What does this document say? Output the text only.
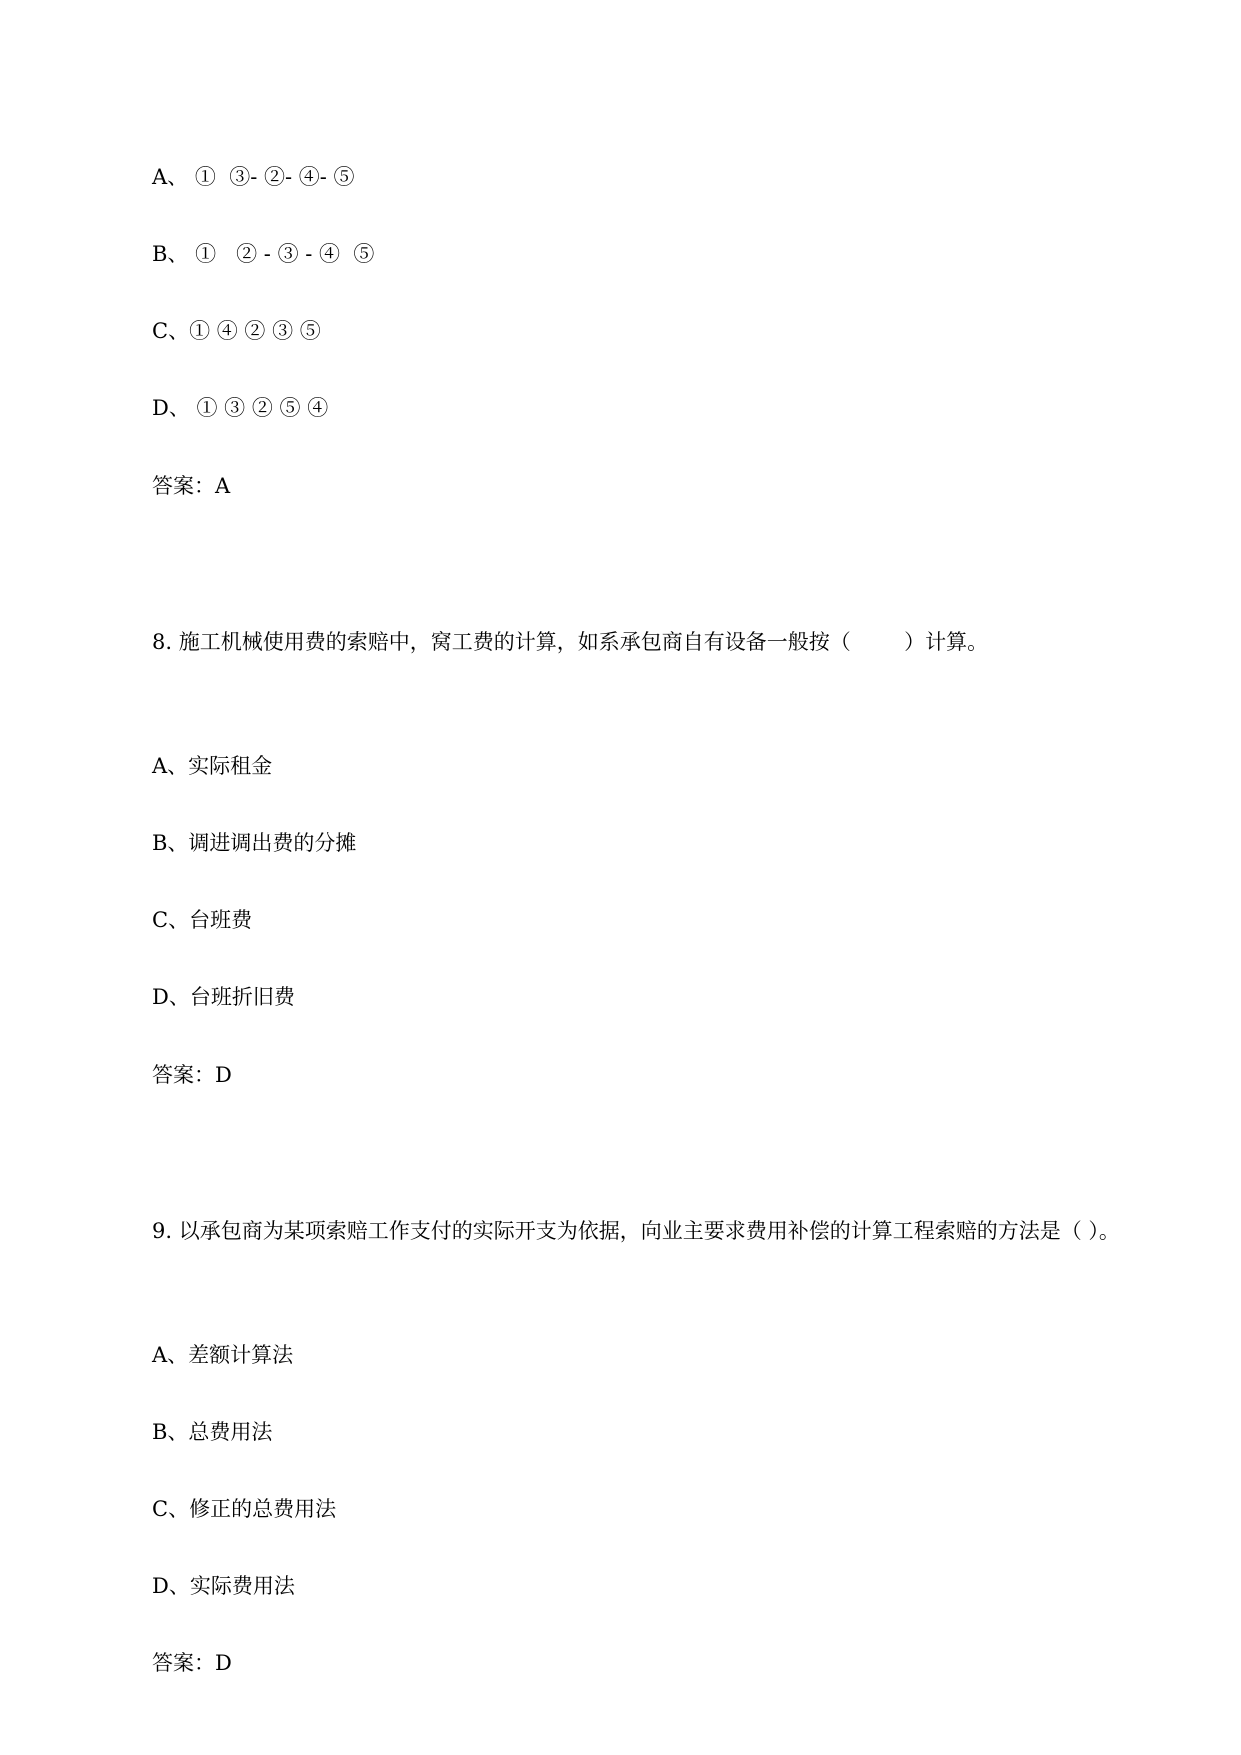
A、 ①  ③- ②- ④- ⑤
B、 ①   ② - ③ - ④  ⑤
C、① ④ ② ③ ⑤
D、 ① ③ ② ⑤ ④
答案：A
8. 施工机械使用费的索赔中，窝工费的计算，如系承包商自有设备一般按（        ）计算。
A、实际租金
B、调进调出费的分摊
C、台班费
D、台班折旧费
答案：D
9. 以承包商为某项索赔工作支付的实际开支为依据，向业主要求费用补偿的计算工程索赔的方法是（ ）。
A、差额计算法
B、总费用法
C、修正的总费用法
D、实际费用法
答案：D
